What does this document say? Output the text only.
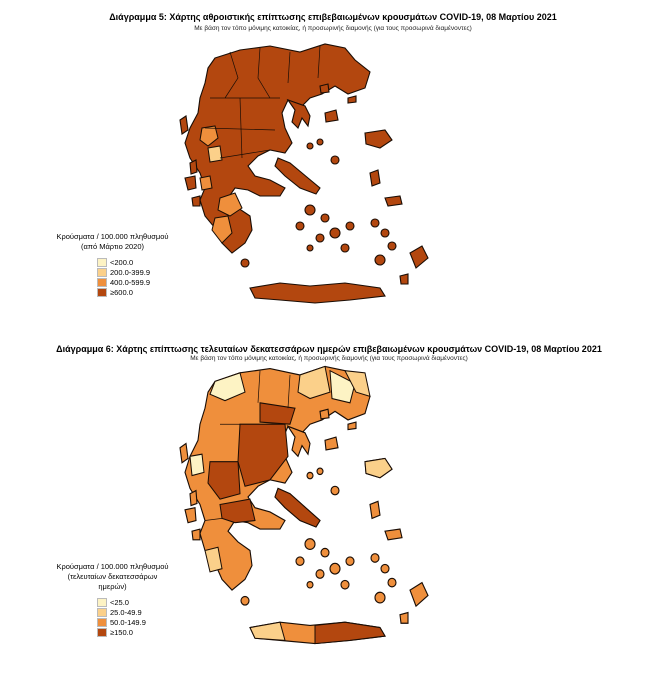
Διάγραμμα 5: Χάρτης αθροιστικής επίπτωσης επιβεβαιωμένων κρουσμάτων COVID-19, 08 Μαρτίου 2021
Με βάση τον τόπο μόνιμης κατοικίας, ή προσωρινής διαμονής (για τους προσωρινά διαμένοντες)
Κρούσματα / 100.000 πληθυσμού
(από Μάρτιο 2020)
<200.0
200.0-399.9
400.0-599.9
≥600.0
Διάγραμμα 6: Χάρτης επίπτωσης τελευταίων δεκατεσσάρων ημερών επιβεβαιωμένων κρουσμάτων COVID-19, 08 Μαρτίου 2021
Με βάση τον τόπο μόνιμης κατοικίας, ή προσωρινής διαμονής (για τους προσωρινά διαμένοντες)
Κρούσματα / 100.000 πληθυσμού
(τελευταίων δεκατεσσάρων ημερών)
<25.0
25.0-49.9
50.0-149.9
≥150.0
